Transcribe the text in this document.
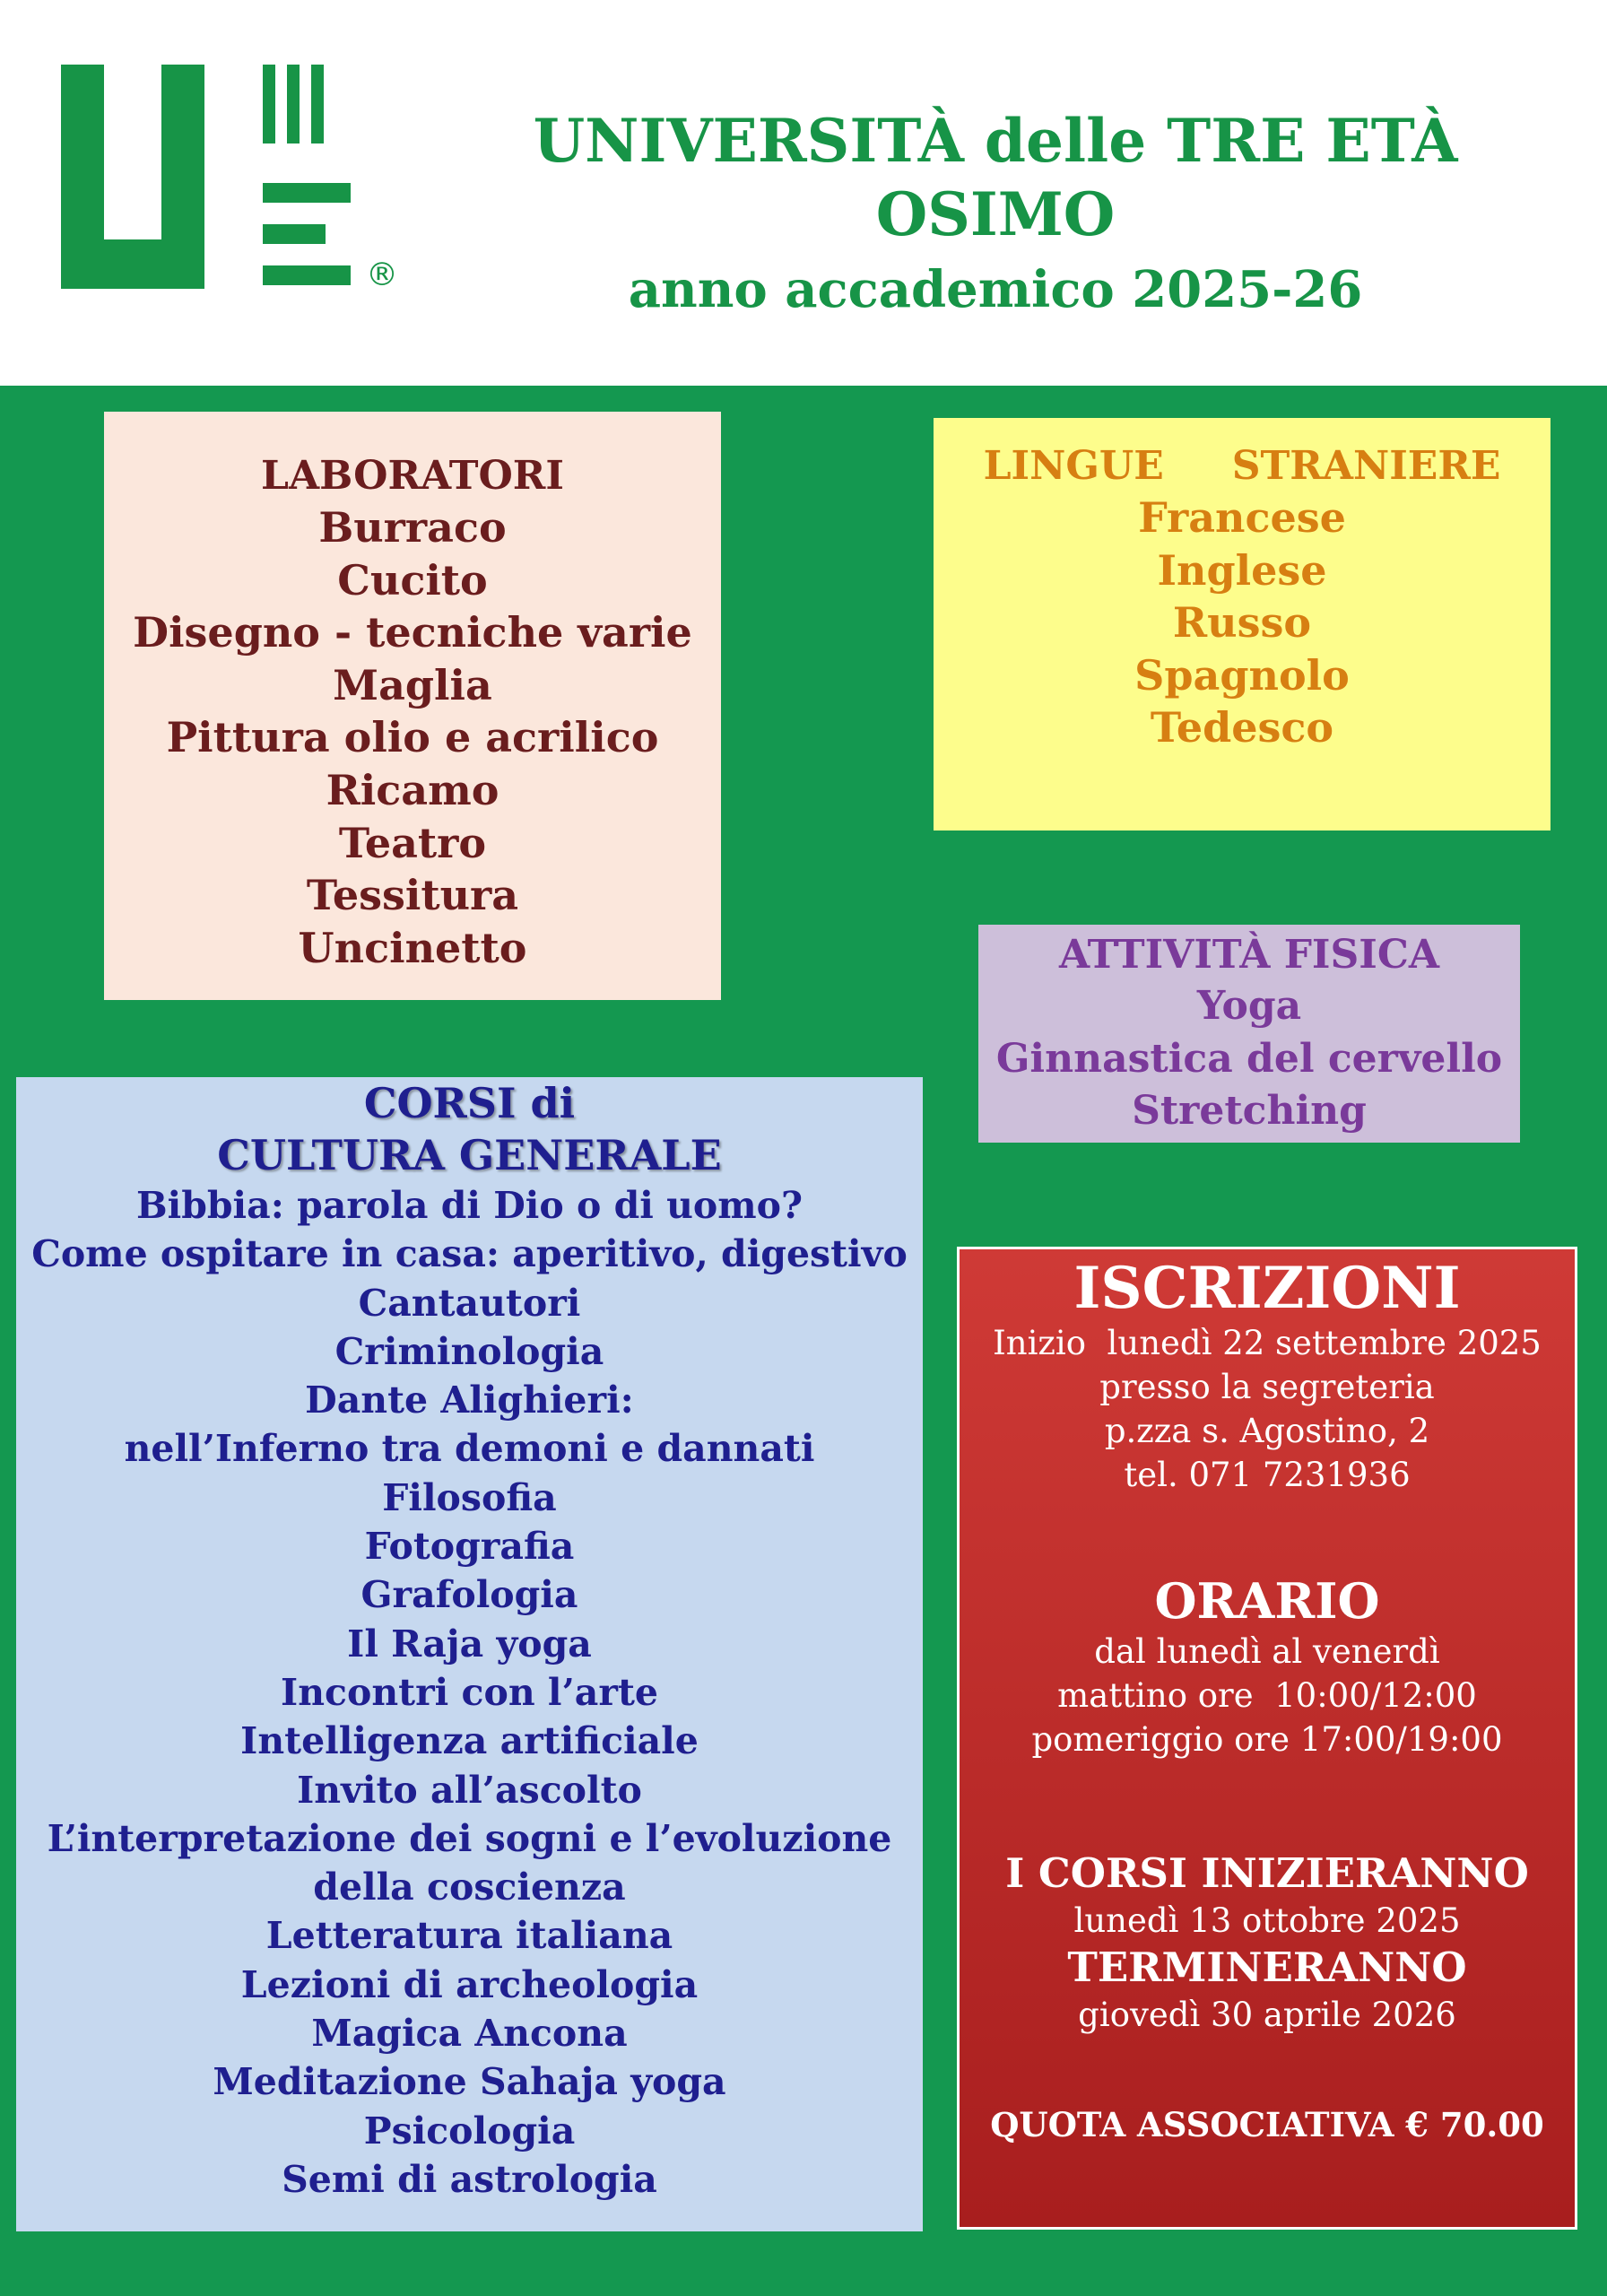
®
UNIVERSITÀ delle TRE ETÀ
OSIMO
anno accademico 2025-26
LABORATORI
Burraco
Cucito
Disegno - tecniche varie
Maglia
Pittura olio e acrilico
Ricamo
Teatro
Tessitura
Uncinetto
LINGUE   STRANIERE
Francese
Inglese
Russo
Spagnolo
Tedesco
ATTIVITÀ FISICA
Yoga
Ginnastica del cervello
Stretching
CORSI di
CULTURA GENERALE
Bibbia: parola di Dio o di uomo?
Come ospitare in casa: aperitivo, digestivo
Cantautori
Criminologia
Dante Alighieri:
nell’Inferno tra demoni e dannati
Filosofia
Fotografia
Grafologia
Il Raja yoga
Incontri con l’arte
Intelligenza artificiale
Invito all’ascolto
L’interpretazione dei sogni e l’evoluzione
della coscienza
Letteratura italiana
Lezioni di archeologia
Magica Ancona
Meditazione Sahaja yoga
Psicologia
Semi di astrologia
ISCRIZIONI
Inizio  lunedì 22 settembre 2025
presso la segreteria
p.zza s. Agostino, 2
tel. 071 7231936
ORARIO
dal lunedì al venerdì
mattino ore  10:00/12:00
pomeriggio ore 17:00/19:00
I CORSI INIZIERANNO
lunedì 13 ottobre 2025
TERMINERANNO
giovedì 30 aprile 2026
QUOTA ASSOCIATIVA € 70.00
